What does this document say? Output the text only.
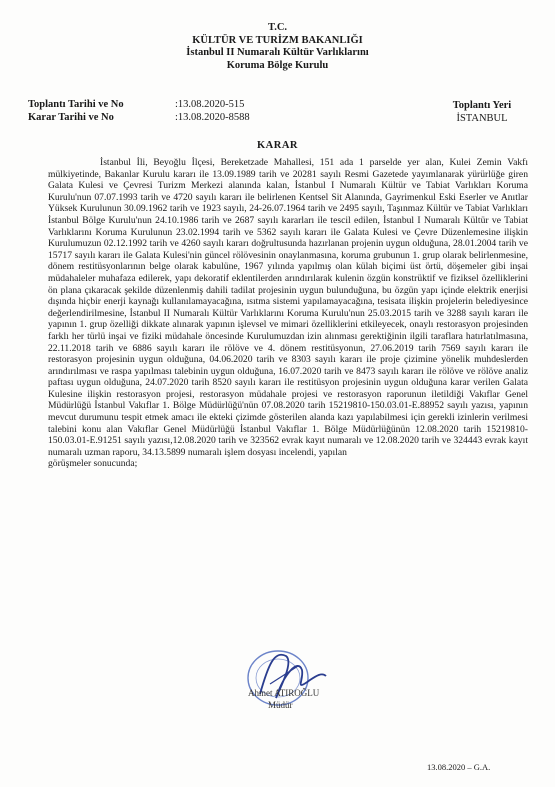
T.C.
KÜLTÜR VE TURİZM BAKANLIĞI
İstanbul II Numaralı Kültür Varlıklarını
Koruma Bölge Kurulu
Toplantı Tarihi ve No	:13.08.2020-515
Karar Tarihi ve No	:13.08.2020-8588
Toplantı Yeri
İSTANBUL
KARAR

İstanbul İli, Beyoğlu İlçesi, Bereketzade Mahallesi, 151 ada 1 parselde yer alan, Kulei Zemin Vakfı mülkiyetinde, Bakanlar Kurulu kararı ile 13.09.1989 tarih ve 20281 sayılı Resmi Gazetede yayımlanarak yürürlüğe giren Galata Kulesi ve Çevresi Turizm Merkezi alanında kalan, İstanbul I Numaralı Kültür ve Tabiat Varlıkları Koruma Kurulu'nun 07.07.1993 tarih ve 4720 sayılı kararı ile belirlenen Kentsel Sit Alanında, Gayrimenkul Eski Eserler ve Anıtlar Yüksek Kurulunun 30.09.1962 tarih ve 1923 sayılı, 24-26.07.1964 tarih ve 2495 sayılı, Taşınmaz Kültür ve Tabiat Varlıkları İstanbul Bölge Kurulu'nun 24.10.1986 tarih ve 2687 sayılı kararları ile tescil edilen, İstanbul I Numaralı Kültür ve Tabiat Varlıklarını Koruma Kurulunun 23.02.1994 tarih ve 5362 sayılı kararı ile Galata Kulesi ve Çevre Düzenlemesine ilişkin Kurulumuzun 02.12.1992 tarih ve 4260 sayılı kararı doğrultusunda hazırlanan projenin uygun olduğuna, 28.01.2004 tarih ve 15717 sayılı kararı ile Galata Kulesi'nin güncel rölövesinin onaylanmasına, koruma grubunun 1. grup olarak belirlenmesine, dönem restitüsyonlarının belge olarak kabulüne, 1967 yılında yapılmış olan külah biçimi üst örtü, döşemeler gibi inşai müdahaleler muhafaza edilerek, yapı dekoratif eklentilerden arındırılarak kulenin özgün konstrüktif ve fiziksel özelliklerini ön plana çıkaracak şekilde düzenlenmiş dahili tadilat projesinin uygun bulunduğuna, bu özgün yapı içinde elektrik enerjisi dışında hiçbir enerji kaynağı kullanılamayacağına, ısıtma sistemi yapılamayacağına, tesisata ilişkin projelerin belediyesince değerlendirilmesine, İstanbul II Numaralı Kültür Varlıklarını Koruma Kurulu'nun 25.03.2015 tarih ve 3288 sayılı kararı ile yapının 1. grup özelliği dikkate alınarak yapının işlevsel ve mimari özelliklerini etkileyecek, onaylı restorasyon projesinden farklı her türlü inşai ve fiziki müdahale öncesinde Kurulumuzdan izin alınması gerektiğinin ilgili taraflara hatırlatılmasına, 22.11.2018 tarih ve 6886 sayılı kararı ile rölöve ve 4. dönem restitüsyonun, 27.06.2019 tarih 7569 sayılı kararı ile restorasyon projesinin uygun olduğuna, 04.06.2020 tarih ve 8303 sayılı kararı ile proje çizimine yönelik muhdeslerden arındırılması ve raspa yapılması talebinin uygun olduğuna, 16.07.2020 tarih ve 8473 sayılı kararı ile rölöve ve rölöve analiz paftası uygun olduğuna, 24.07.2020 tarih 8520 sayılı kararı ile restitüsyon projesinin uygun olduğuna karar verilen Galata Kulesine ilişkin restorasyon projesi, restorasyon müdahale projesi ve restorasyon raporunun iletildiği Vakıflar Genel Müdürlüğü İstanbul Vakıflar 1. Bölge Müdürlüğü'nün 07.08.2020 tarih 15219810-150.03.01-E.88952 sayılı yazısı, yapının mevcut durumunu tespit etmek amacı ile ekteki çizimde gösterilen alanda kazı yapılabilmesi için gerekli izinlerin verilmesi talebini konu alan Vakıflar Genel Müdürlüğü İstanbul Vakıflar 1. Bölge Müdürlüğünün 12.08.2020 tarih 15219810-150.03.01-E.91251 sayılı yazısı,12.08.2020 tarih ve 323562 evrak kayıt numaralı ve 12.08.2020 tarih ve 324443 evrak kayıt numaralı uzman raporu, 34.13.5899 numaralı işlem dosyası incelendi, yapılan

görüşmeler sonucunda;
Ahmet ATIROĞLU
Müdür
13.08.2020 – G.A.
